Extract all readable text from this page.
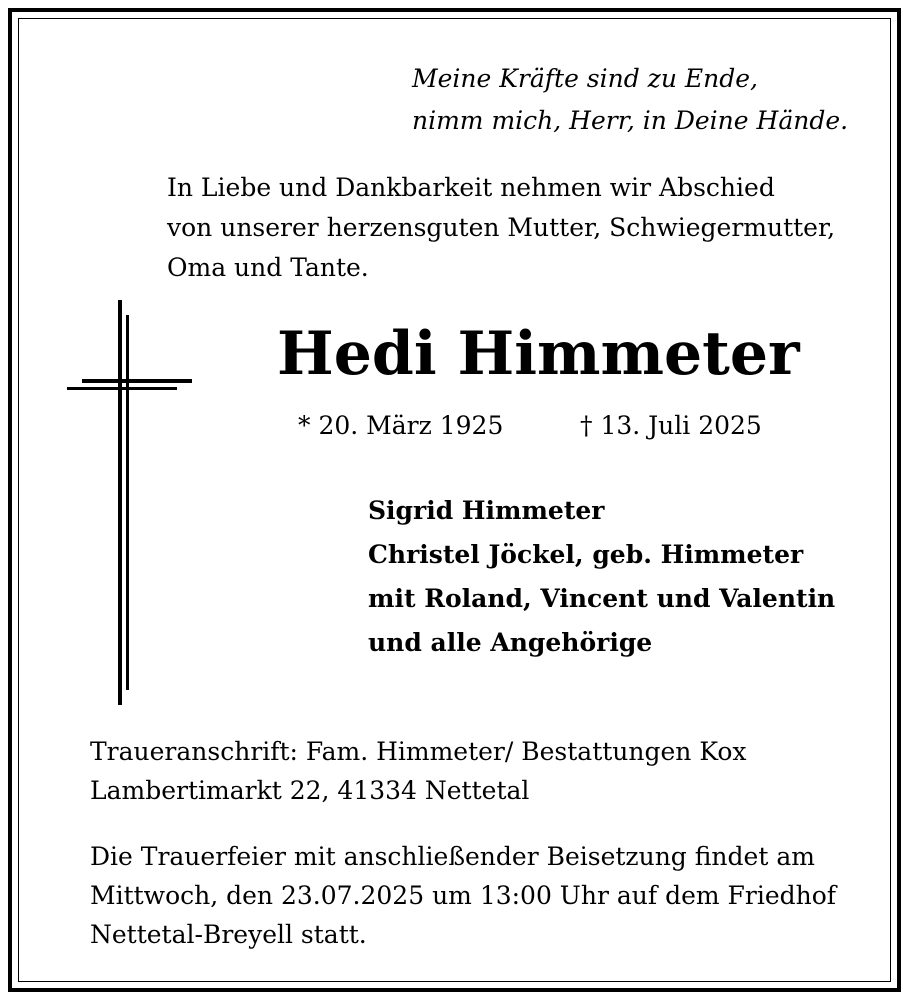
Meine Kräfte sind zu Ende,
nimm mich, Herr, in Deine Hände.
In Liebe und Dankbarkeit nehmen wir Abschied
von unserer herzensguten Mutter, Schwiegermutter,
Oma und Tante.
Hedi Himmeter
* 20. März 1925	† 13. Juli 2025
Sigrid Himmeter
Christel Jöckel, geb. Himmeter
mit Roland, Vincent und Valentin
und alle Angehörige
Traueranschrift: Fam. Himmeter/ Bestattungen Kox
Lambertimarkt 22, 41334 Nettetal
Die Trauerfeier mit anschließender Beisetzung findet am
Mittwoch, den 23.07.2025 um 13:00 Uhr auf dem Friedhof
Nettetal-Breyell statt.
